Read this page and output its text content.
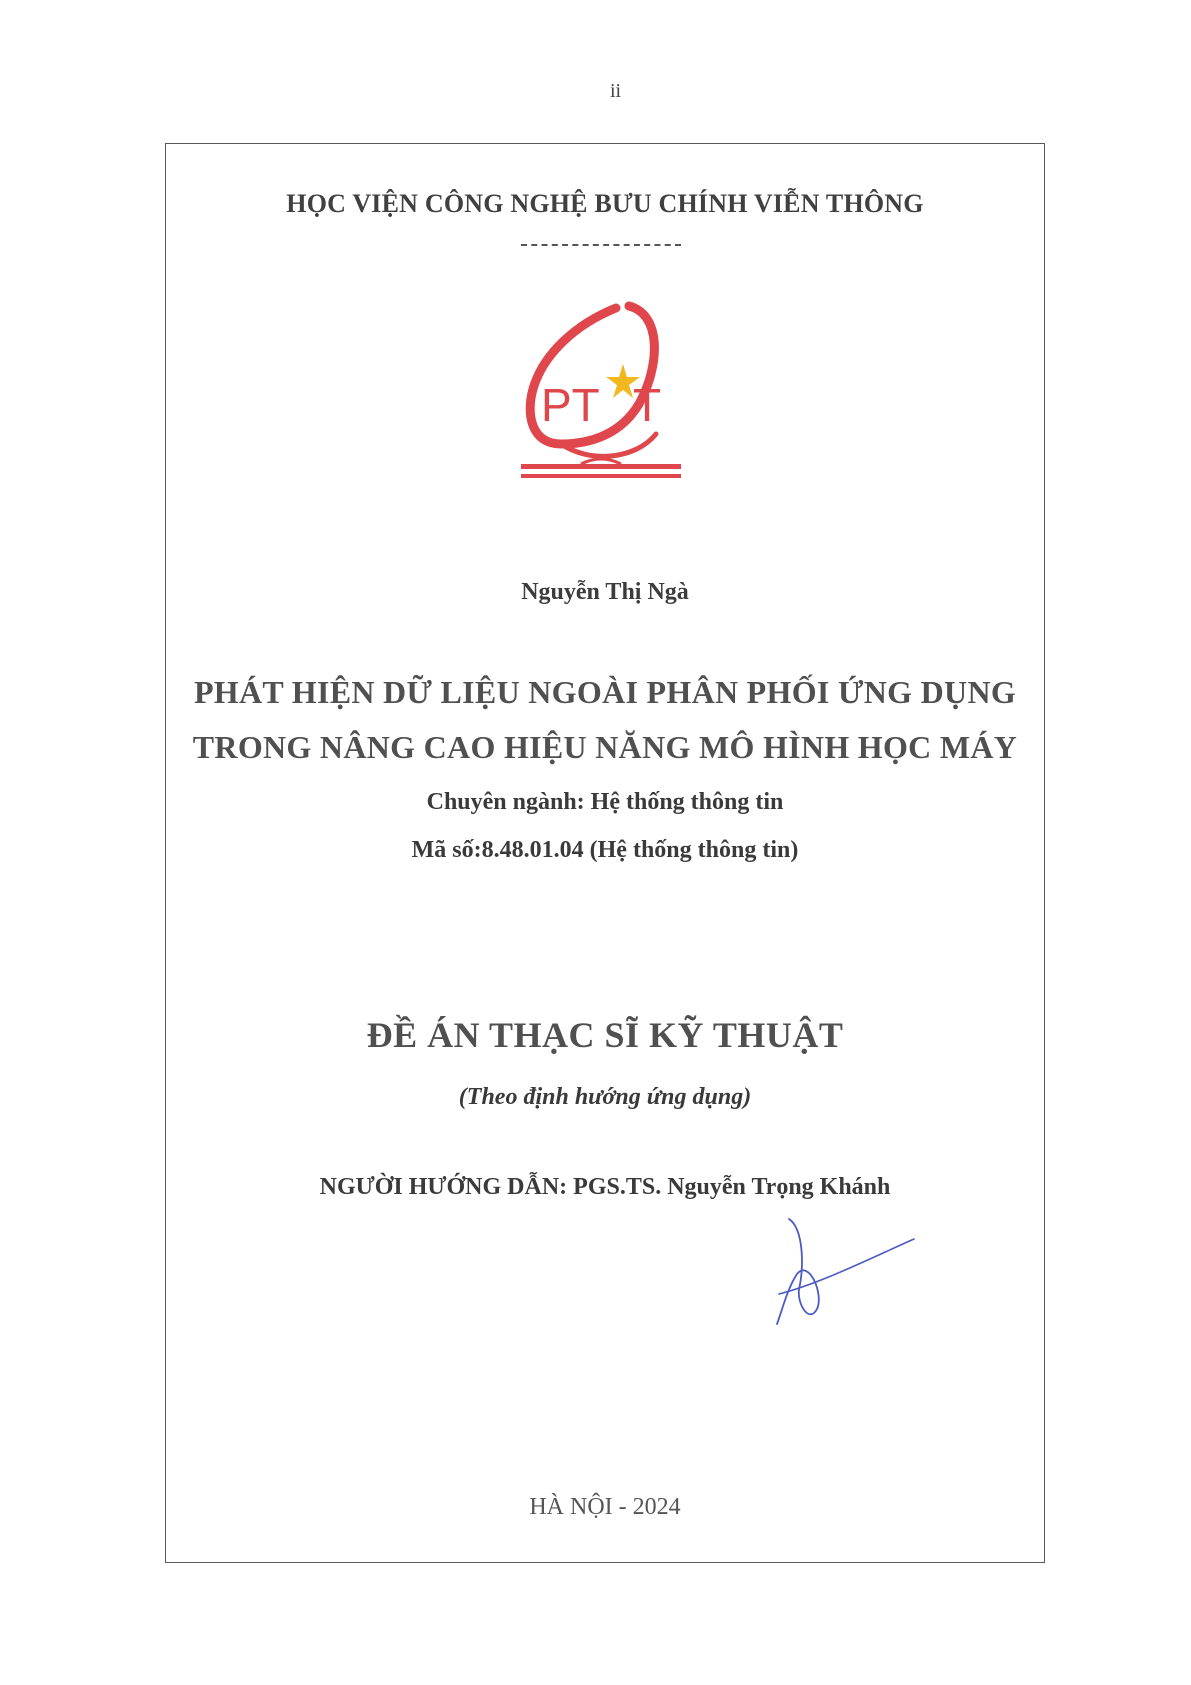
ii
HỌC VIỆN CÔNG NGHỆ BƯU CHÍNH VIỄN THÔNG
PT T
Nguyễn Thị Ngà
PHÁT HIỆN DỮ LIỆU NGOÀI PHÂN PHỐI ỨNG DỤNG
TRONG NÂNG CAO HIỆU NĂNG MÔ HÌNH HỌC MÁY
Chuyên ngành: Hệ thống thông tin
Mã số:8.48.01.04 (Hệ thống thông tin)
ĐỀ ÁN THẠC SĨ KỸ THUẬT
(Theo định hướng ứng dụng)
NGƯỜI HƯỚNG DẪN: PGS.TS. Nguyễn Trọng Khánh
HÀ NỘI - 2024
